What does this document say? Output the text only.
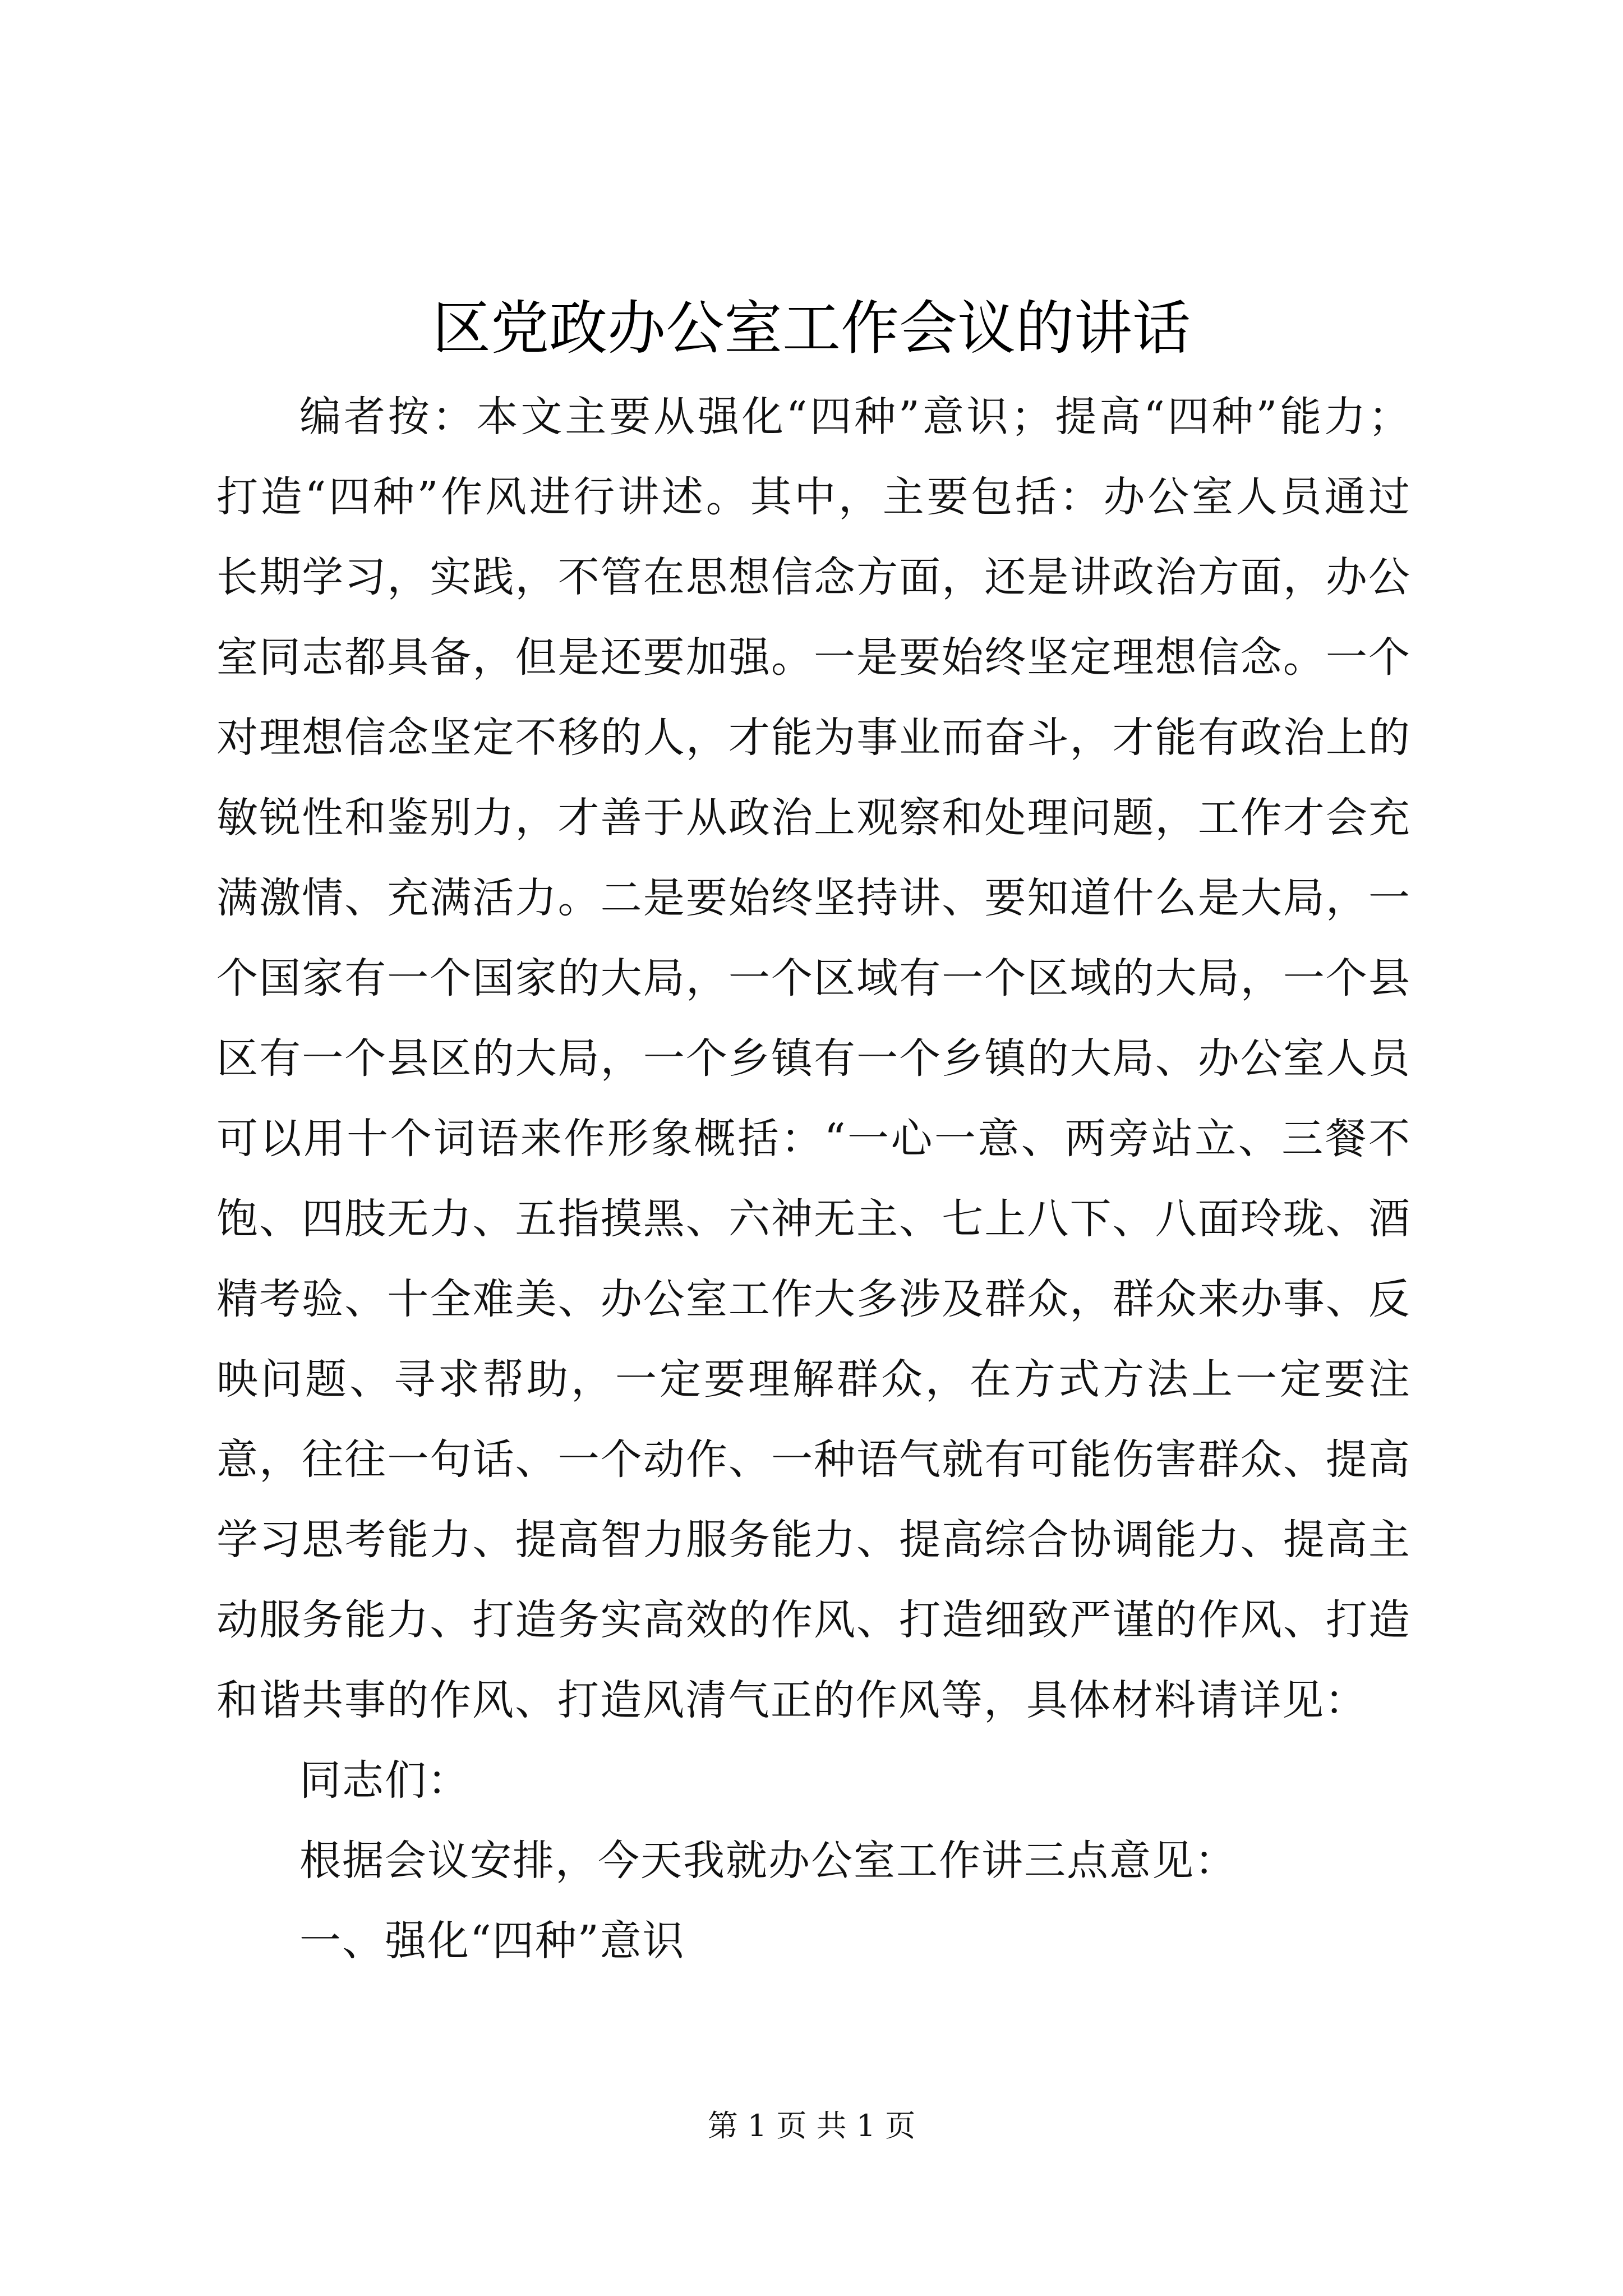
区党政办公室工作会议的讲话

编者按：本文主要从强化“四种”意识；提高“四种”能力；打造“四种”作风进行讲述。其中，主要包括：办公室人员通过长期学习，实践，不管在思想信念方面，还是讲政治方面，办公室同志都具备，但是还要加强。一是要始终坚定理想信念。一个对理想信念坚定不移的人，才能为事业而奋斗，才能有政治上的敏锐性和鉴别力，才善于从政治上观察和处理问题，工作才会充满激情、充满活力。二是要始终坚持讲、要知道什么是大局，一个国家有一个国家的大局，一个区域有一个区域的大局，一个县区有一个县区的大局，一个乡镇有一个乡镇的大局、办公室人员可以用十个词语来作形象概括：“一心一意、两旁站立、三餐不饱、四肢无力、五指摸黑、六神无主、七上八下、八面玲珑、酒精考验、十全难美、办公室工作大多涉及群众，群众来办事、反映问题、寻求帮助，一定要理解群众，在方式方法上一定要注意，往往一句话、一个动作、一种语气就有可能伤害群众、提高学习思考能力、提高智力服务能力、提高综合协调能力、提高主动服务能力、打造务实高效的作风、打造细致严谨的作风、打造和谐共事的作风、打造风清气正的作风等，具体材料请详见：

同志们：

根据会议安排，今天我就办公室工作讲三点意见：

一、强化“四种”意识

第 1 页 共 1 页
